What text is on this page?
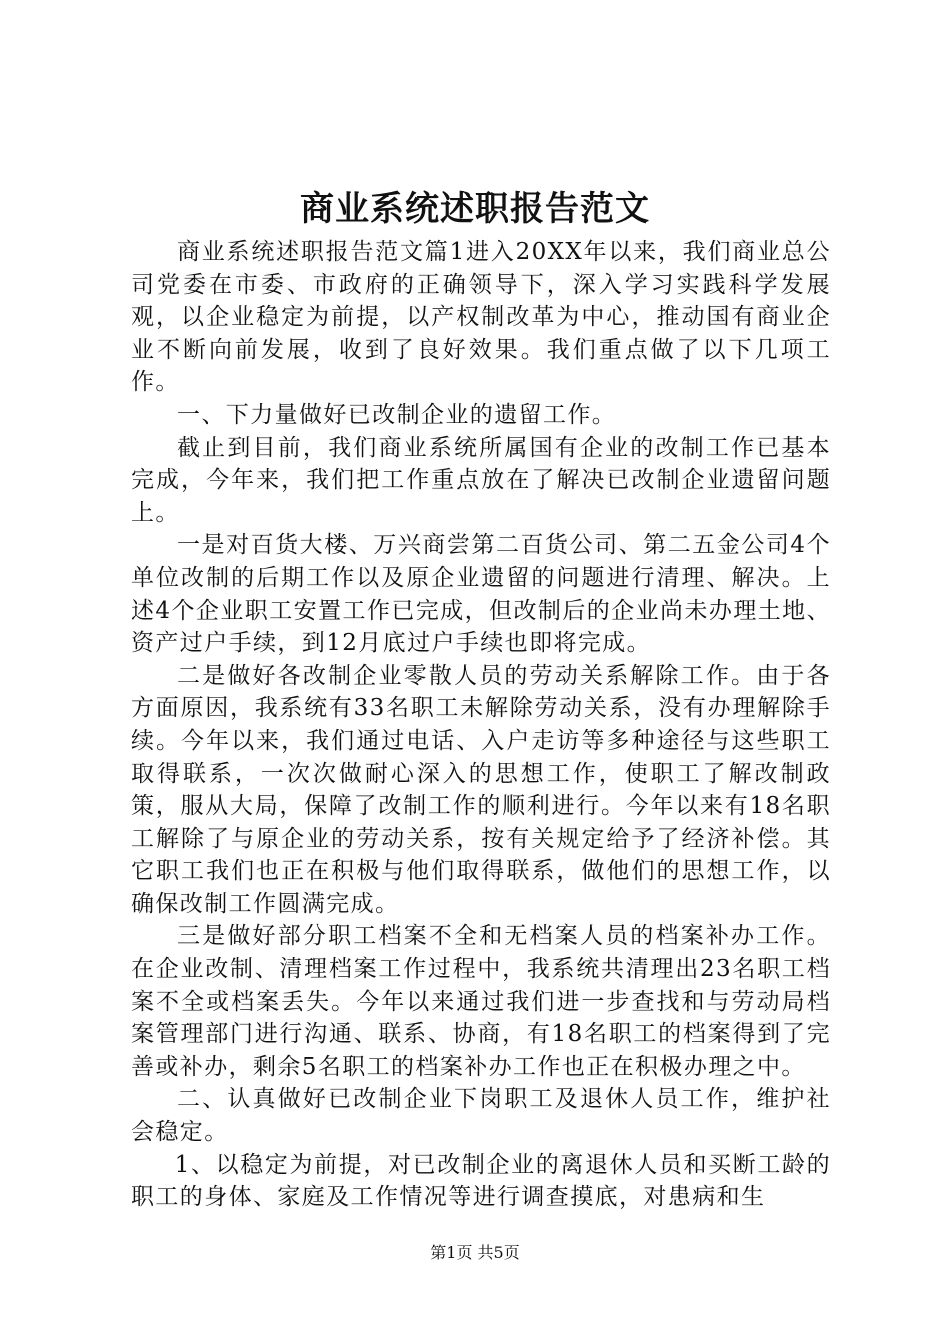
商业系统述职报告范文

商业系统述职报告范文篇1进入20XX年以来，我们商业总公司党委在市委、市政府的正确领导下，深入学习实践科学发展观，以企业稳定为前提，以产权制改革为中心，推动国有商业企业不断向前发展，收到了良好效果。我们重点做了以下几项工作。

一、下力量做好已改制企业的遗留工作。

截止到目前，我们商业系统所属国有企业的改制工作已基本完成，今年来，我们把工作重点放在了解决已改制企业遗留问题上。

一是对百货大楼、万兴商尝第二百货公司、第二五金公司4个单位改制的后期工作以及原企业遗留的问题进行清理、解决。上述4个企业职工安置工作已完成，但改制后的企业尚未办理土地、资产过户手续，到12月底过户手续也即将完成。

二是做好各改制企业零散人员的劳动关系解除工作。由于各方面原因，我系统有33名职工未解除劳动关系，没有办理解除手续。今年以来，我们通过电话、入户走访等多种途径与这些职工取得联系，一次次做耐心深入的思想工作，使职工了解改制政策，服从大局，保障了改制工作的顺利进行。今年以来有18名职工解除了与原企业的劳动关系，按有关规定给予了经济补偿。其它职工我们也正在积极与他们取得联系，做他们的思想工作，以确保改制工作圆满完成。

三是做好部分职工档案不全和无档案人员的档案补办工作。在企业改制、清理档案工作过程中，我系统共清理出23名职工档案不全或档案丢失。今年以来通过我们进一步查找和与劳动局档案管理部门进行沟通、联系、协商，有18名职工的档案得到了完善或补办，剩余5名职工的档案补办工作也正在积极办理之中。

二、认真做好已改制企业下岗职工及退休人员工作，维护社会稳定。

1、以稳定为前提，对已改制企业的离退休人员和买断工龄的职工的身体、家庭及工作情况等进行调查摸底，对患病和生

第1页 共5页
